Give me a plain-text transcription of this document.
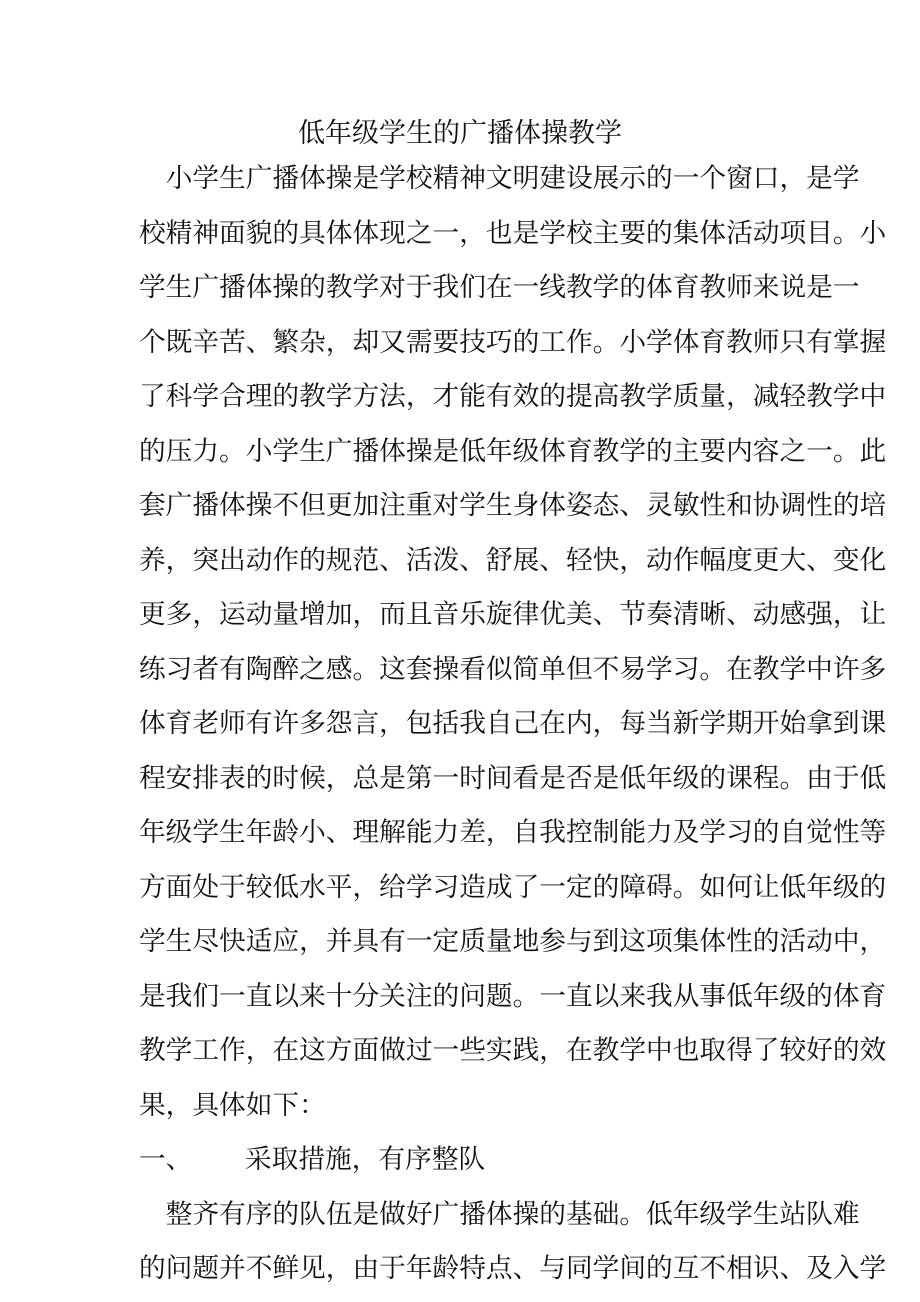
低年级学生的广播体操教学
　小学生广播体操是学校精神文明建设展示的一个窗口，是学
校精神面貌的具体体现之一，也是学校主要的集体活动项目。小
学生广播体操的教学对于我们在一线教学的体育教师来说是一
个既辛苦、繁杂，却又需要技巧的工作。小学体育教师只有掌握
了科学合理的教学方法，才能有效的提高教学质量，减轻教学中
的压力。小学生广播体操是低年级体育教学的主要内容之一。此
套广播体操不但更加注重对学生身体姿态、灵敏性和协调性的培
养，突出动作的规范、活泼、舒展、轻快，动作幅度更大、变化
更多，运动量增加，而且音乐旋律优美、节奏清晰、动感强，让
练习者有陶醉之感。这套操看似简单但不易学习。在教学中许多
体育老师有许多怨言，包括我自己在内，每当新学期开始拿到课
程安排表的时候，总是第一时间看是否是低年级的课程。由于低
年级学生年龄小、理解能力差，自我控制能力及学习的自觉性等
方面处于较低水平，给学习造成了一定的障碍。如何让低年级的
学生尽快适应，并具有一定质量地参与到这项集体性的活动中，
是我们一直以来十分关注的问题。一直以来我从事低年级的体育
教学工作，在这方面做过一些实践，在教学中也取得了较好的效
果，具体如下：
一、 采取措施，有序整队
　整齐有序的队伍是做好广播体操的基础。低年级学生站队难
的问题并不鲜见，由于年龄特点、与同学间的互不相识、及入学
